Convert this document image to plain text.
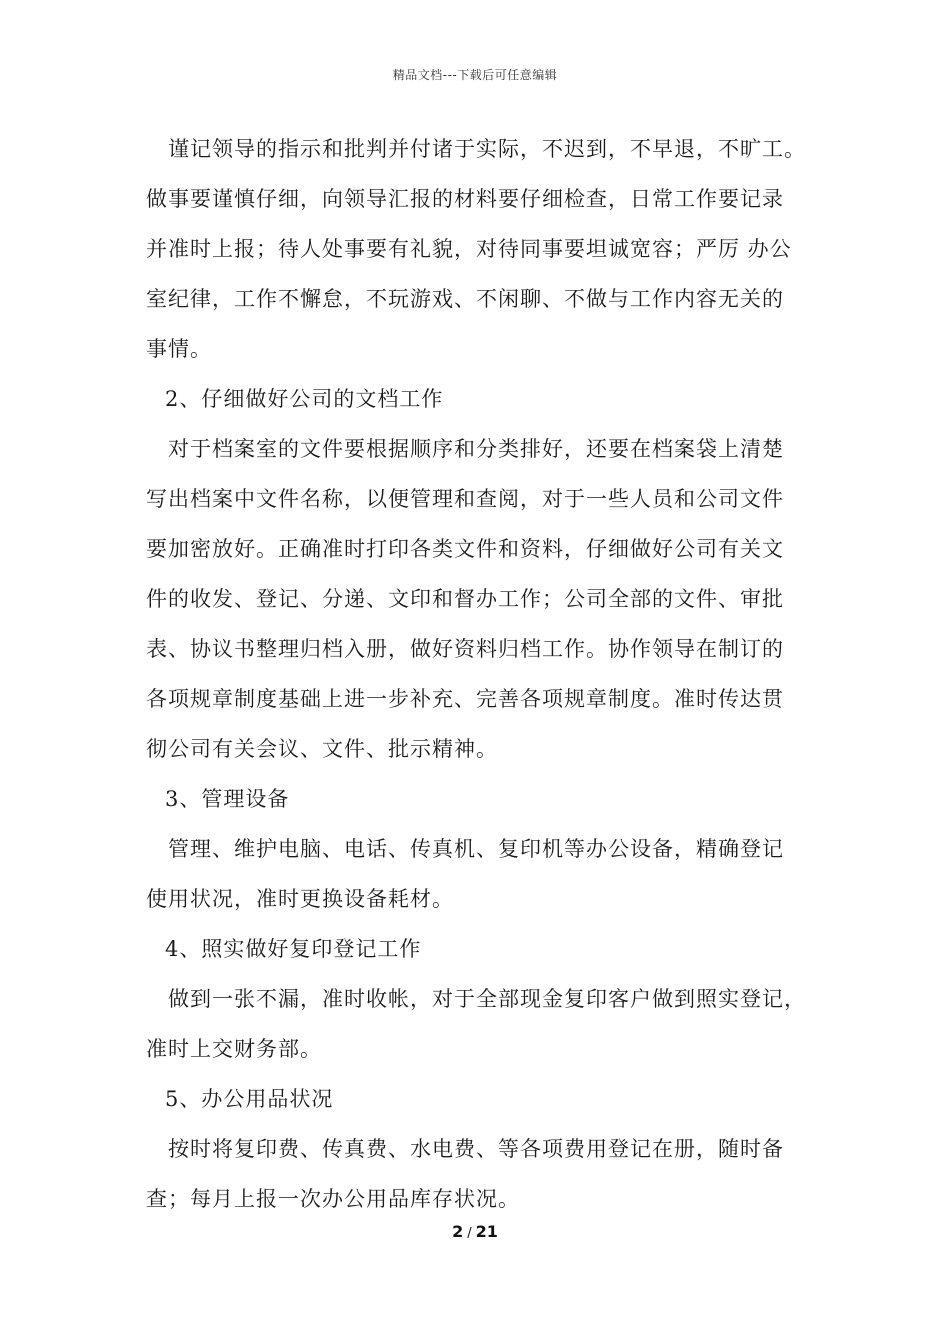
精品文档---下载后可任意编辑

谨记领导的指示和批判并付诸于实际，不迟到，不早退，不旷工。
做事要谨慎仔细，向领导汇报的材料要仔细检查，日常工作要记录
并准时上报；待人处事要有礼貌，对待同事要坦诚宽容；严厉 办公
室纪律，工作不懈怠，不玩游戏、不闲聊、不做与工作内容无关的
事情。

2、仔细做好公司的文档工作

对于档案室的文件要根据顺序和分类排好，还要在档案袋上清楚
写出档案中文件名称，以便管理和查阅，对于一些人员和公司文件
要加密放好。正确准时打印各类文件和资料，仔细做好公司有关文
件的收发、登记、分递、文印和督办工作；公司全部的文件、审批
表、协议书整理归档入册，做好资料归档工作。协作领导在制订的
各项规章制度基础上进一步补充、完善各项规章制度。准时传达贯
彻公司有关会议、文件、批示精神。

3、管理设备

管理、维护电脑、电话、传真机、复印机等办公设备，精确登记
使用状况，准时更换设备耗材。

4、照实做好复印登记工作

做到一张不漏，准时收帐，对于全部现金复印客户做到照实登记，
准时上交财务部。

5、办公用品状况

按时将复印费、传真费、水电费、等各项费用登记在册，随时备
查；每月上报一次办公用品库存状况。

2 / 21
